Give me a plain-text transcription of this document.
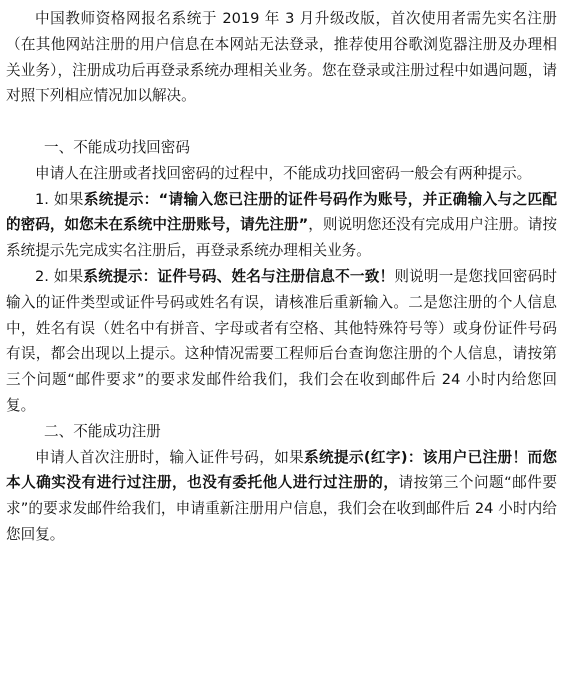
中国教师资格网报名系统于 2019 年 3 月升级改版，首次使用者需先实名注册（在其他网站注册的用户信息在本网站无法登录，推荐使用谷歌浏览器注册及办理相关业务），注册成功后再登录系统办理相关业务。您在登录或注册过程中如遇问题，请对照下列相应情况加以解决。

一、不能成功找回密码

申请人在注册或者找回密码的过程中，不能成功找回密码一般会有两种提示。

1. 如果系统提示：“请输入您已注册的证件号码作为账号，并正确输入与之匹配的密码，如您未在系统中注册账号，请先注册”，则说明您还没有完成用户注册。请按系统提示先完成实名注册后，再登录系统办理相关业务。

2. 如果系统提示：证件号码、姓名与注册信息不一致！则说明一是您找回密码时输入的证件类型或证件号码或姓名有误，请核准后重新输入。二是您注册的个人信息中，姓名有误（姓名中有拼音、字母或者有空格、其他特殊符号等）或身份证件号码有误，都会出现以上提示。这种情况需要工程师后台查询您注册的个人信息，请按第三个问题“邮件要求”的要求发邮件给我们，我们会在收到邮件后 24 小时内给您回复。

二、不能成功注册

申请人首次注册时，输入证件号码，如果系统提示(红字)：该用户已注册！而您本人确实没有进行过注册，也没有委托他人进行过注册的，请按第三个问题“邮件要求”的要求发邮件给我们，申请重新注册用户信息，我们会在收到邮件后 24 小时内给您回复。
